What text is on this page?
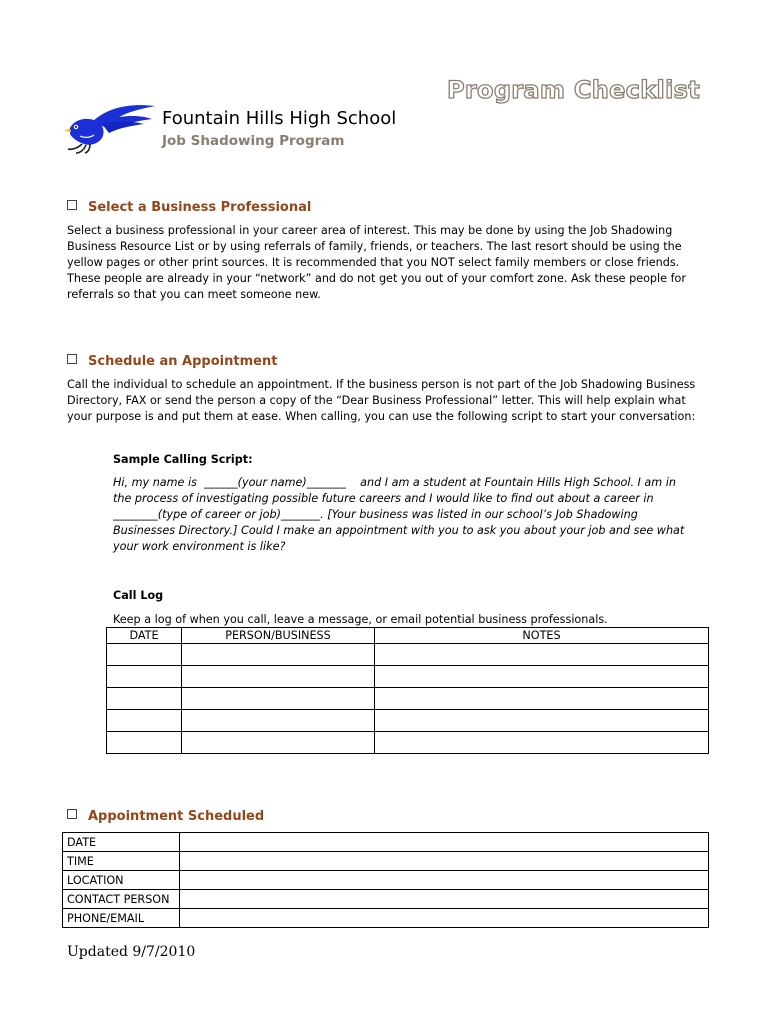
Program Checklist
Fountain Hills High School
Job Shadowing Program
Select a Business Professional
Select a business professional in your career area of interest. This may be done by using the Job Shadowing
Business Resource List or by using referrals of family, friends, or teachers. The last resort should be using the
yellow pages or other print sources. It is recommended that you NOT select family members or close friends.
These people are already in your “network” and do not get you out of your comfort zone. Ask these people for
referrals so that you can meet someone new.
Schedule an Appointment
Call the individual to schedule an appointment. If the business person is not part of the Job Shadowing Business
Directory, FAX or send the person a copy of the “Dear Business Professional” letter. This will help explain what
your purpose is and put them at ease. When calling, you can use the following script to start your conversation:
Sample Calling Script:
Hi, my name is  ______(your name)_______    and I am a student at Fountain Hills High School. I am in
the process of investigating possible future careers and I would like to find out about a career in
________(type of career or job)_______. [Your business was listed in our school’s Job Shadowing
Businesses Directory.] Could I make an appointment with you to ask you about your job and see what
your work environment is like?
Call Log
Keep a log of when you call, leave a message, or email potential business professionals.
DATE	PERSON/BUSINESS	NOTES

Appointment Scheduled
DATE	
TIME	
LOCATION	
CONTACT PERSON	
PHONE/EMAIL	
Updated 9/7/2010
